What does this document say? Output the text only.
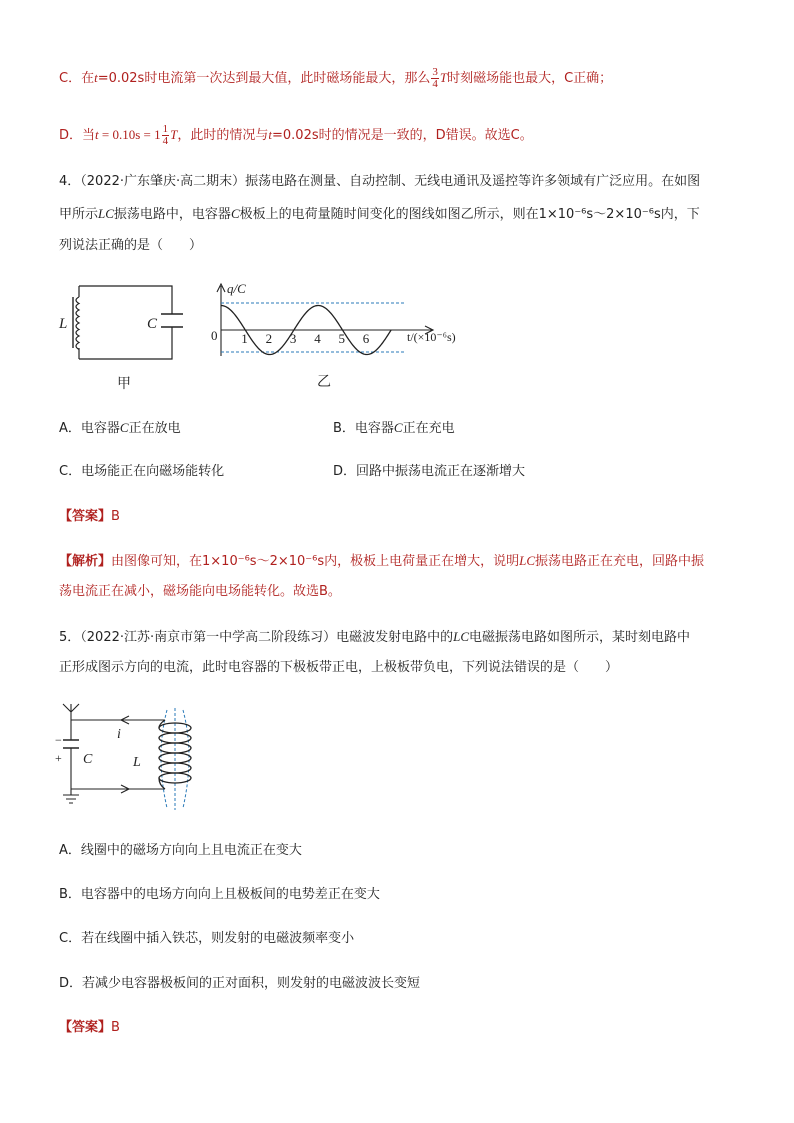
C．在t=0.02s时电流第一次达到最大值，此时磁场能最大，那么 $\frac{3}{4}$ T时刻磁场能也最大，C正确；
D．当$t = 0.10s = 1 \frac{1}{4}$ T，此时的情况与t=0.02s时的情况是一致的，D错误。故选C。
4．（2022·广东肇庆·高二期末）振荡电路在测量、自动控制、无线电通讯及遥控等许多领域有广泛应用。在如图
甲所示LC振荡电路中，电容器C极板上的电荷量随时间变化的图线如图乙所示，则在1×10⁻⁶s～2×10⁻⁶s内，下
列说法正确的是（　　）
L	C
甲
q/C
t/(×10⁻⁶s)
0 1 2 3 4 5 6
乙
A．电容器C正在放电	B．电容器C正在充电
C．电场能正在向磁场能转化	D．回路中振荡电流正在逐渐增大
【答案】B
【解析】由图像可知，在1×10⁻⁶s～2×10⁻⁶s内，极板上电荷量正在增大，说明LC振荡电路正在充电，回路中振
荡电流正在减小，磁场能向电场能转化。故选B。
5．（2022·江苏·南京市第一中学高二阶段练习）电磁波发射电路中的LC电磁振荡电路如图所示，某时刻电路中
正形成图示方向的电流，此时电容器的下极板带正电，上极板带负电，下列说法错误的是（　　）
i
C	L
−
+
A．线圈中的磁场方向向上且电流正在变大
B．电容器中的电场方向向上且极板间的电势差正在变大
C．若在线圈中插入铁芯，则发射的电磁波频率变小
D．若减少电容器极板间的正对面积，则发射的电磁波波长变短
【答案】B
